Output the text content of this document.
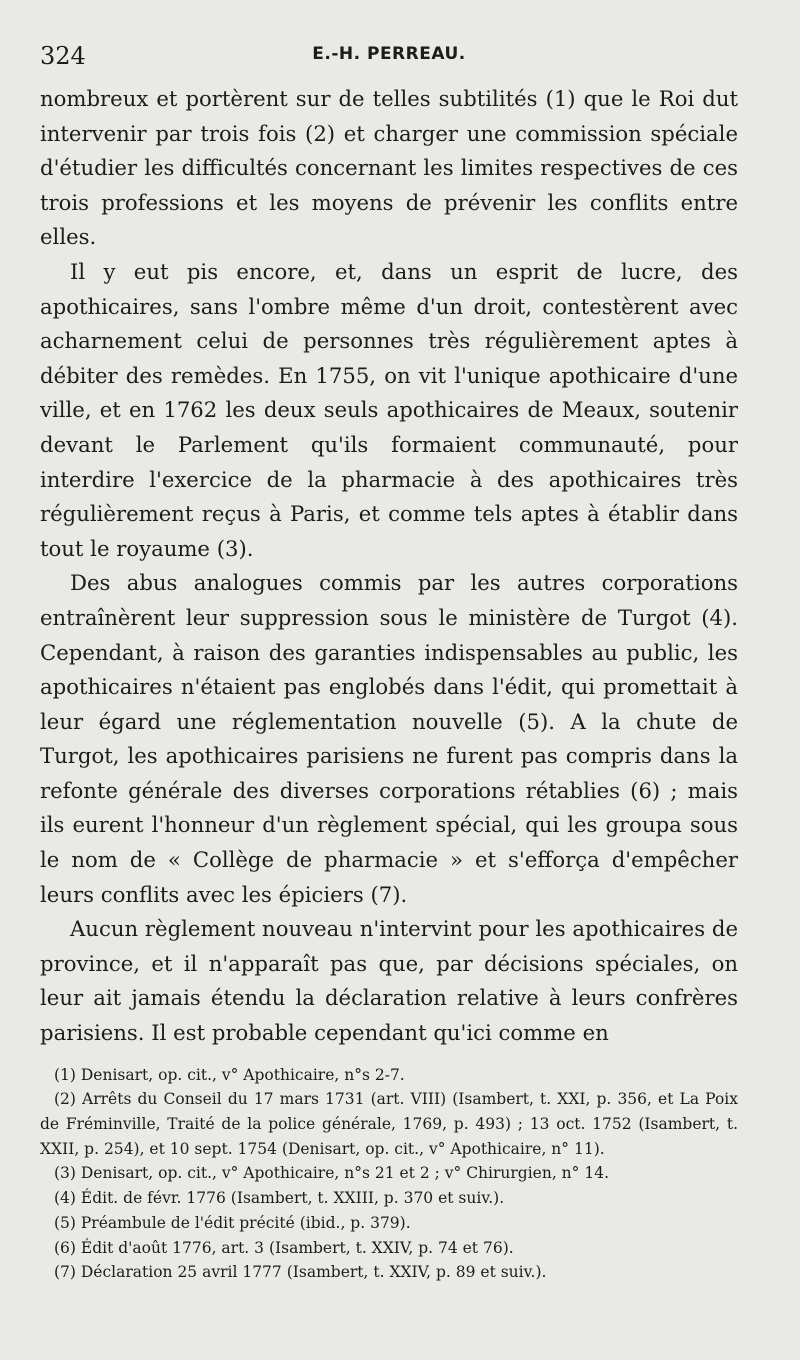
324	E.-H. PERREAU.

nombreux et portèrent sur de telles subtilités (1) que le Roi dut intervenir par trois fois (2) et charger une commission spéciale d'étudier les difficultés concernant les limites respectives de ces trois professions et les moyens de prévenir les conflits entre elles.

Il y eut pis encore, et, dans un esprit de lucre, des apothicaires, sans l'ombre même d'un droit, contestèrent avec acharnement celui de personnes très régulièrement aptes à débiter des remèdes. En 1755, on vit l'unique apothicaire d'une ville, et en 1762 les deux seuls apothicaires de Meaux, soutenir devant le Parlement qu'ils formaient communauté, pour interdire l'exercice de la pharmacie à des apothicaires très régulièrement reçus à Paris, et comme tels aptes à établir dans tout le royaume (3).

Des abus analogues commis par les autres corporations entraînèrent leur suppression sous le ministère de Turgot (4). Cependant, à raison des garanties indispensables au public, les apothicaires n'étaient pas englobés dans l'édit, qui promettait à leur égard une réglementation nouvelle (5). A la chute de Turgot, les apothicaires parisiens ne furent pas compris dans la refonte générale des diverses corporations rétablies (6) ; mais ils eurent l'honneur d'un règlement spécial, qui les groupa sous le nom de « Collège de pharmacie » et s'efforça d'empêcher leurs conflits avec les épiciers (7).

Aucun règlement nouveau n'intervint pour les apothicaires de province, et il n'apparaît pas que, par décisions spéciales, on leur ait jamais étendu la déclaration relative à leurs confrères parisiens. Il est probable cependant qu'ici comme en

(1) Denisart, op. cit., v° Apothicaire, n°s 2-7.

(2) Arrêts du Conseil du 17 mars 1731 (art. VIII) (Isambert, t. XXI, p. 356, et La Poix de Fréminville, Traité de la police générale, 1769, p. 493) ; 13 oct. 1752 (Isambert, t. XXII, p. 254), et 10 sept. 1754 (Denisart, op. cit., v° Apothicaire, n° 11).

(3) Denisart, op. cit., v° Apothicaire, n°s 21 et 2 ; v° Chirurgien, n° 14.

(4) Édit. de févr. 1776 (Isambert, t. XXIII, p. 370 et suiv.).

(5) Préambule de l'édit précité (ibid., p. 379).

(6) Édit d'août 1776, art. 3 (Isambert, t. XXIV, p. 74 et 76).

(7) Déclaration 25 avril 1777 (Isambert, t. XXIV, p. 89 et suiv.).
